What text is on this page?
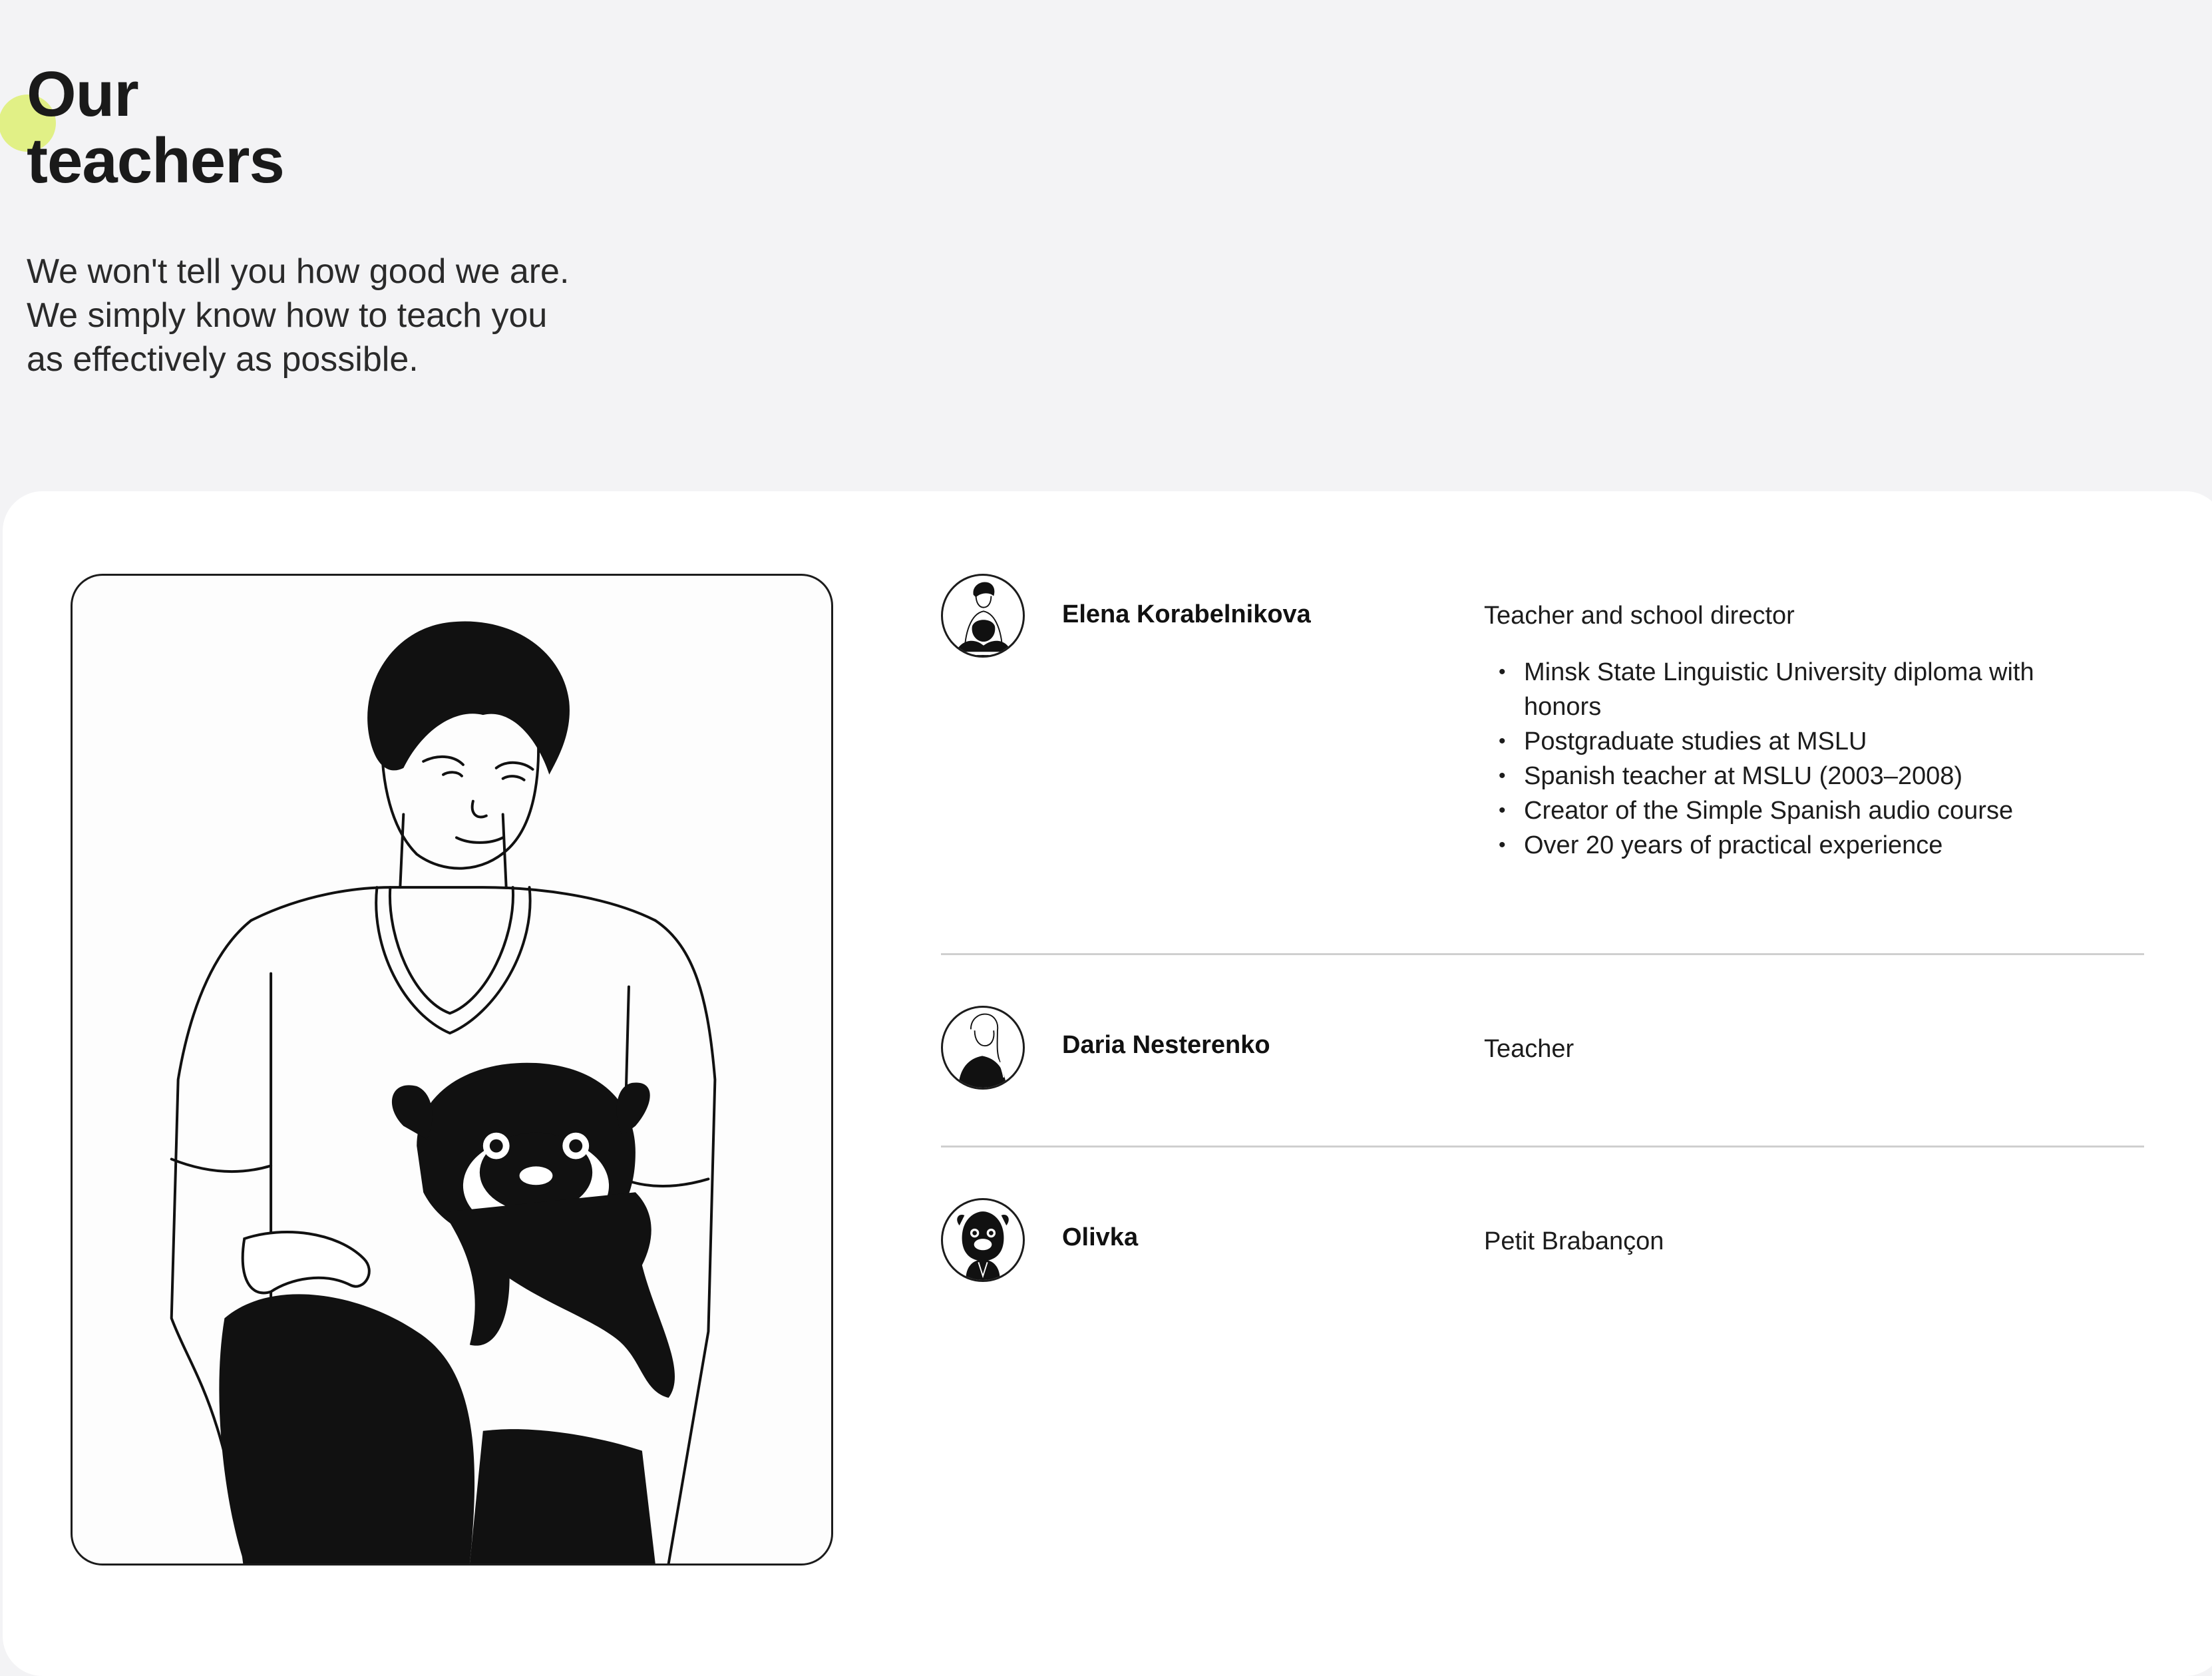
Our
teachers

We won't tell you how good we are.
We simply know how to teach you
as effectively as possible.

Elena Korabelnikova	Teacher and school director
• Minsk State Linguistic University diploma with honors
• Postgraduate studies at MSLU
• Spanish teacher at MSLU (2003–2008)
• Creator of the Simple Spanish audio course
• Over 20 years of practical experience
Daria Nesterenko	Teacher
Olivka	Petit Brabançon
